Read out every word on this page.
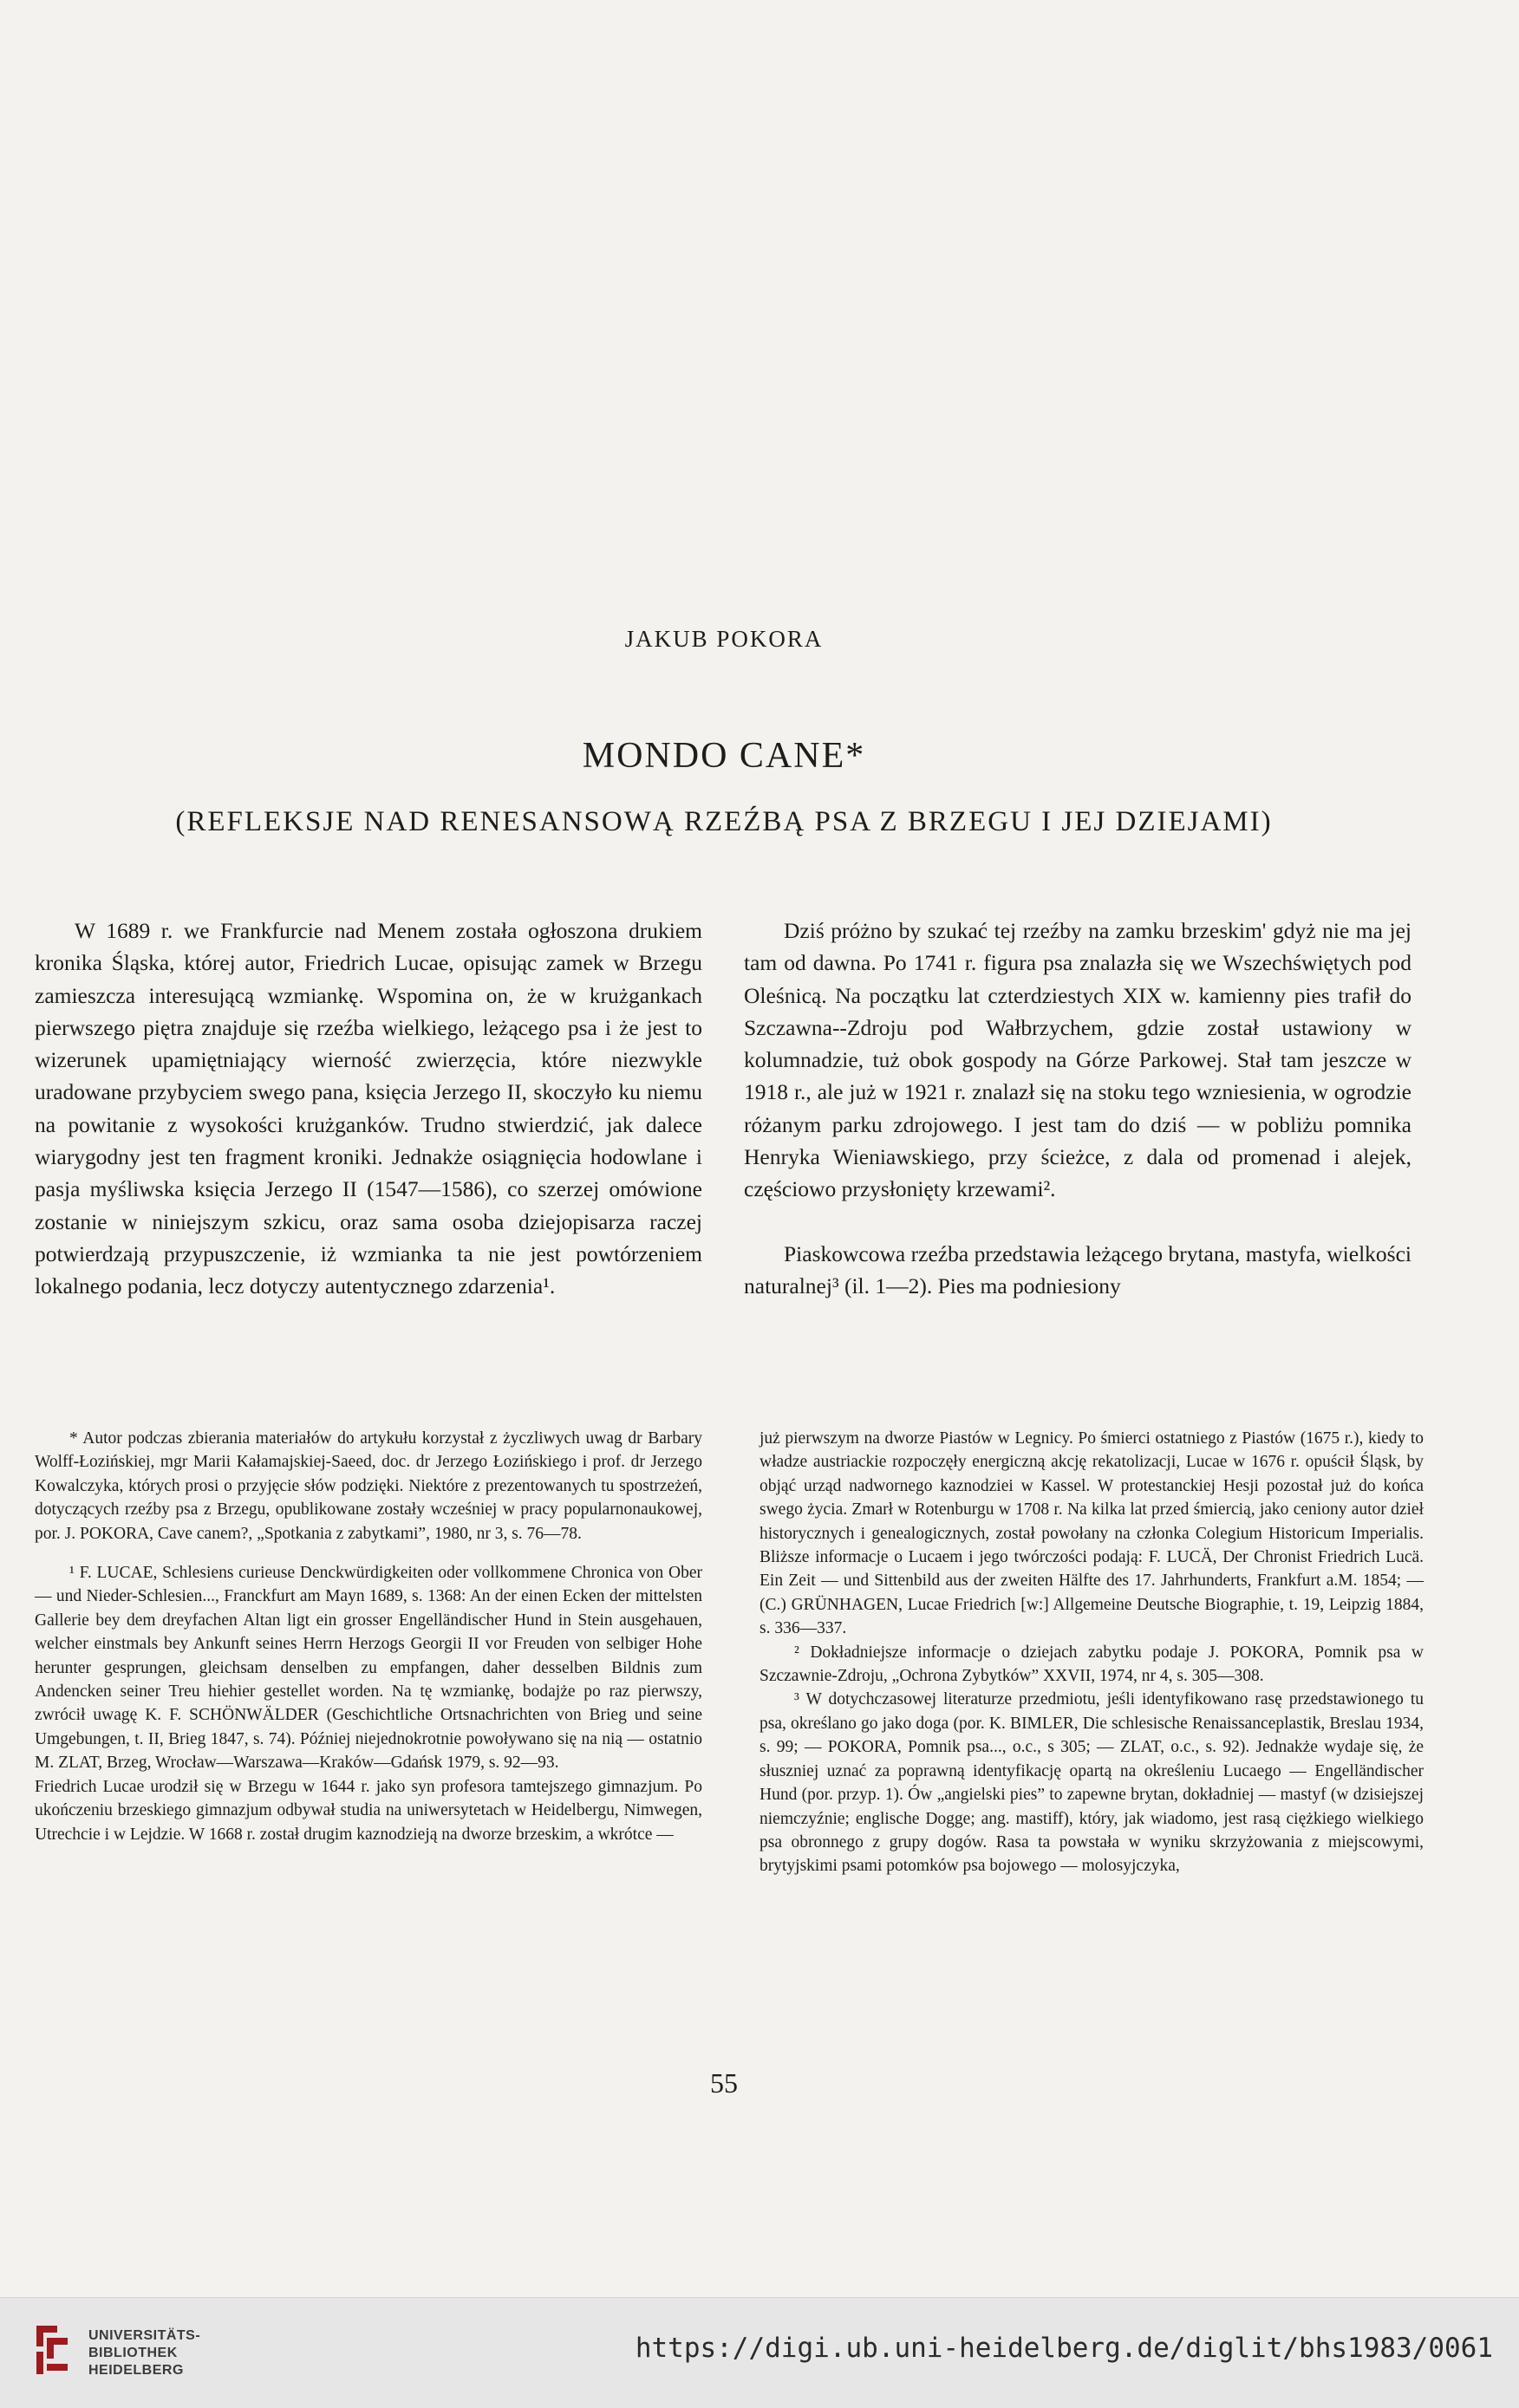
JAKUB POKORA
MONDO CANE*
(REFLEKSJE NAD RENESANSOWĄ RZEŹBĄ PSA Z BRZEGU I JEJ DZIEJAMI)

W 1689 r. we Frankfurcie nad Menem została ogłoszona drukiem kronika Śląska, której autor, Friedrich Lucae, opisując zamek w Brzegu zamieszcza interesującą wzmiankę. Wspomina on, że w krużgankach pierwszego piętra znajduje się rzeźba wielkiego, leżącego psa i że jest to wizerunek upamiętniający wierność zwierzęcia, które niezwykle uradowane przybyciem swego pana, księcia Jerzego II, skoczyło ku niemu na powitanie z wysokości krużganków. Trudno stwierdzić, jak dalece wiarygodny jest ten fragment kroniki. Jednakże osiągnięcia hodowlane i pasja myśliwska księcia Jerzego II (1547—1586), co szerzej omówione zostanie w niniejszym szkicu, oraz sama osoba dziejopisarza raczej potwierdzają przypuszczenie, iż wzmianka ta nie jest powtórzeniem lokalnego podania, lecz dotyczy autentycznego zdarzenia¹.

Dziś próżno by szukać tej rzeźby na zamku brzeskim' gdyż nie ma jej tam od dawna. Po 1741 r. figura psa znalazła się we Wszechświętych pod Oleśnicą. Na początku lat czterdziestych XIX w. kamienny pies trafił do Szczawna--Zdroju pod Wałbrzychem, gdzie został ustawiony w kolumnadzie, tuż obok gospody na Górze Parkowej. Stał tam jeszcze w 1918 r., ale już w 1921 r. znalazł się na stoku tego wzniesienia, w ogrodzie różanym parku zdrojowego. I jest tam do dziś — w pobliżu pomnika Henryka Wieniawskiego, przy ścieżce, z dala od promenad i alejek, częściowo przysłonięty krzewami².

Piaskowcowa rzeźba przedstawia leżącego brytana, mastyfa, wielkości naturalnej³ (il. 1—2). Pies ma podniesiony

* Autor podczas zbierania materiałów do artykułu korzystał z życzliwych uwag dr Barbary Wolff-Łozińskiej, mgr Marii Kałamajskiej-Saeed, doc. dr Jerzego Łozińskiego i prof. dr Jerzego Kowalczyka, których prosi o przyjęcie słów podzięki. Niektóre z prezentowanych tu spostrzeżeń, dotyczących rzeźby psa z Brzegu, opublikowane zostały wcześniej w pracy popularnonaukowej, por. J. POKORA, Cave canem?, „Spotkania z zabytkami”, 1980, nr 3, s. 76—78.

¹ F. LUCAE, Schlesiens curieuse Denckwürdigkeiten oder vollkommene Chronica von Ober — und Nieder-Schlesien..., Franckfurt am Mayn 1689, s. 1368: An der einen Ecken der mittelsten Gallerie bey dem dreyfachen Altan ligt ein grosser Engelländischer Hund in Stein ausgehauen, welcher einstmals bey Ankunft seines Herrn Herzogs Georgii II vor Freuden von selbiger Hohe herunter gesprungen, gleichsam denselben zu empfangen, daher desselben Bildnis zum Andencken seiner Treu hiehier gestellet worden. Na tę wzmiankę, bodajże po raz pierwszy, zwrócił uwagę K. F. SCHÖNWÄLDER (Geschichtliche Ortsnachrichten von Brieg und seine Umgebungen, t. II, Brieg 1847, s. 74). Później niejednokrotnie powoływano się na nią — ostatnio M. ZLAT, Brzeg, Wrocław—Warszawa—Kraków—Gdańsk 1979, s. 92—93.

Friedrich Lucae urodził się w Brzegu w 1644 r. jako syn profesora tamtejszego gimnazjum. Po ukończeniu brzeskiego gimnazjum odbywał studia na uniwersytetach w Heidelbergu, Nimwegen, Utrechcie i w Lejdzie. W 1668 r. został drugim kaznodzieją na dworze brzeskim, a wkrótce —

już pierwszym na dworze Piastów w Legnicy. Po śmierci ostatniego z Piastów (1675 r.), kiedy to władze austriackie rozpoczęły energiczną akcję rekatolizacji, Lucae w 1676 r. opuścił Śląsk, by objąć urząd nadwornego kaznodziei w Kassel. W protestanckiej Hesji pozostał już do końca swego życia. Zmarł w Rotenburgu w 1708 r. Na kilka lat przed śmiercią, jako ceniony autor dzieł historycznych i genealogicznych, został powołany na członka Colegium Historicum Imperialis. Bliższe informacje o Lucaem i jego twórczości podają: F. LUCÄ, Der Chronist Friedrich Lucä. Ein Zeit — und Sittenbild aus der zweiten Hälfte des 17. Jahrhunderts, Frankfurt a.M. 1854; — (C.) GRÜNHAGEN, Lucae Friedrich [w:] Allgemeine Deutsche Biographie, t. 19, Leipzig 1884, s. 336—337.

² Dokładniejsze informacje o dziejach zabytku podaje J. POKORA, Pomnik psa w Szczawnie-Zdroju, „Ochrona Zybytków” XXVII, 1974, nr 4, s. 305—308.

³ W dotychczasowej literaturze przedmiotu, jeśli identyfikowano rasę przedstawionego tu psa, określano go jako doga (por. K. BIMLER, Die schlesische Renaissanceplastik, Breslau 1934, s. 99; — POKORA, Pomnik psa..., o.c., s 305; — ZLAT, o.c., s. 92). Jednakże wydaje się, że słuszniej uznać za poprawną identyfikację opartą na określeniu Lucaego — Engelländischer Hund (por. przyp. 1). Ów „angielski pies” to zapewne brytan, dokładniej — mastyf (w dzisiejszej niemczyźnie; englische Dogge; ang. mastiff), który, jak wiadomo, jest rasą ciężkiego wielkiego psa obronnego z grupy dogów. Rasa ta powstała w wyniku skrzyżowania z miejscowymi, brytyjskimi psami potomków psa bojowego — molosyjczyka,

55
UNIVERSITÄTS-
BIBLIOTHEK
HEIDELBERG
https://digi.ub.uni-heidelberg.de/diglit/bhs1983/0061
